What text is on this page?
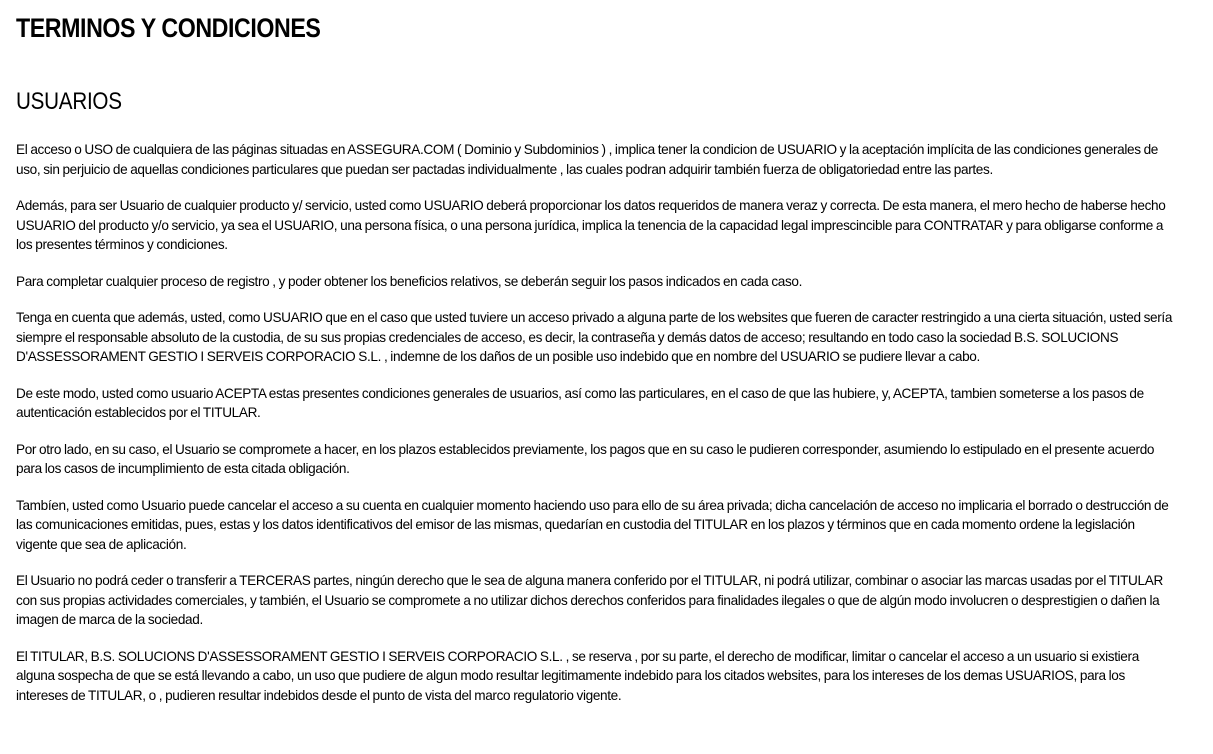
TERMINOS Y CONDICIONES
USUARIOS

El acceso o USO de cualquiera de las páginas situadas en ASSEGURA.COM ( Dominio y Subdominios ) , implica tener la condicion de USUARIO y la aceptación implícita de las condiciones generales de uso, sin perjuicio de aquellas condiciones particulares que puedan ser pactadas individualmente , las cuales podran adquirir también fuerza de obligatoriedad entre las partes.

Además, para ser Usuario de cualquier producto y/ servicio, usted como USUARIO deberá proporcionar los datos requeridos de manera veraz y correcta. De esta manera, el mero hecho de haberse hecho USUARIO del producto y/o servicio, ya sea el USUARIO, una persona física, o una persona jurídica, implica la tenencia de la capacidad legal imprescincible para CONTRATAR y para obligarse conforme a los presentes términos y condiciones.

Para completar cualquier proceso de registro , y poder obtener los beneficios relativos, se deberán seguir los pasos indicados en cada caso.

Tenga en cuenta que además, usted, como USUARIO que en el caso que usted tuviere un acceso privado a alguna parte de los websites que fueren de caracter restringido a una cierta situación, usted sería siempre el responsable absoluto de la custodia, de su sus propias credenciales de acceso, es decir, la contraseña y demás datos de acceso; resultando en todo caso la sociedad B.S. SOLUCIONS D'ASSESSORAMENT GESTIO I SERVEIS CORPORACIO S.L. , indemne de los daños de un posible uso indebido que en nombre del USUARIO se pudiere llevar a cabo.

De este modo, usted como usuario ACEPTA estas presentes condiciones generales de usuarios, así como las particulares, en el caso de que las hubiere, y, ACEPTA, tambien someterse a los pasos de autenticación establecidos por el TITULAR.

Por otro lado, en su caso, el Usuario se compromete a hacer, en los plazos establecidos previamente, los pagos que en su caso le pudieren corresponder, asumiendo lo estipulado en el presente acuerdo para los casos de incumplimiento de esta citada obligación.

Tambíen, usted como Usuario puede cancelar el acceso a su cuenta en cualquier momento haciendo uso para ello de su área privada; dicha cancelación de acceso no implicaria el borrado o destrucción de las comunicaciones emitidas, pues, estas y los datos identificativos del emisor de las mismas, quedarían en custodia del TITULAR en los plazos y términos que en cada momento ordene la legislación vigente que sea de aplicación.

El Usuario no podrá ceder o transferir a TERCERAS partes, ningún derecho que le sea de alguna manera conferido por el TITULAR, ni podrá utilizar, combinar o asociar las marcas usadas por el TITULAR con sus propias actividades comerciales, y también, el Usuario se compromete a no utilizar dichos derechos conferidos para finalidades ilegales o que de algún modo involucren o desprestigien o dañen la imagen de marca de la sociedad.

El TITULAR, B.S. SOLUCIONS D'ASSESSORAMENT GESTIO I SERVEIS CORPORACIO S.L. , se reserva , por su parte, el derecho de modificar, limitar o cancelar el acceso a un usuario si existiera alguna sospecha de que se está llevando a cabo, un uso que pudiere de algun modo resultar legitimamente indebido para los citados websites, para los intereses de los demas USUARIOS, para los intereses de TITULAR, o , pudieren resultar indebidos desde el punto de vista del marco regulatorio vigente.
